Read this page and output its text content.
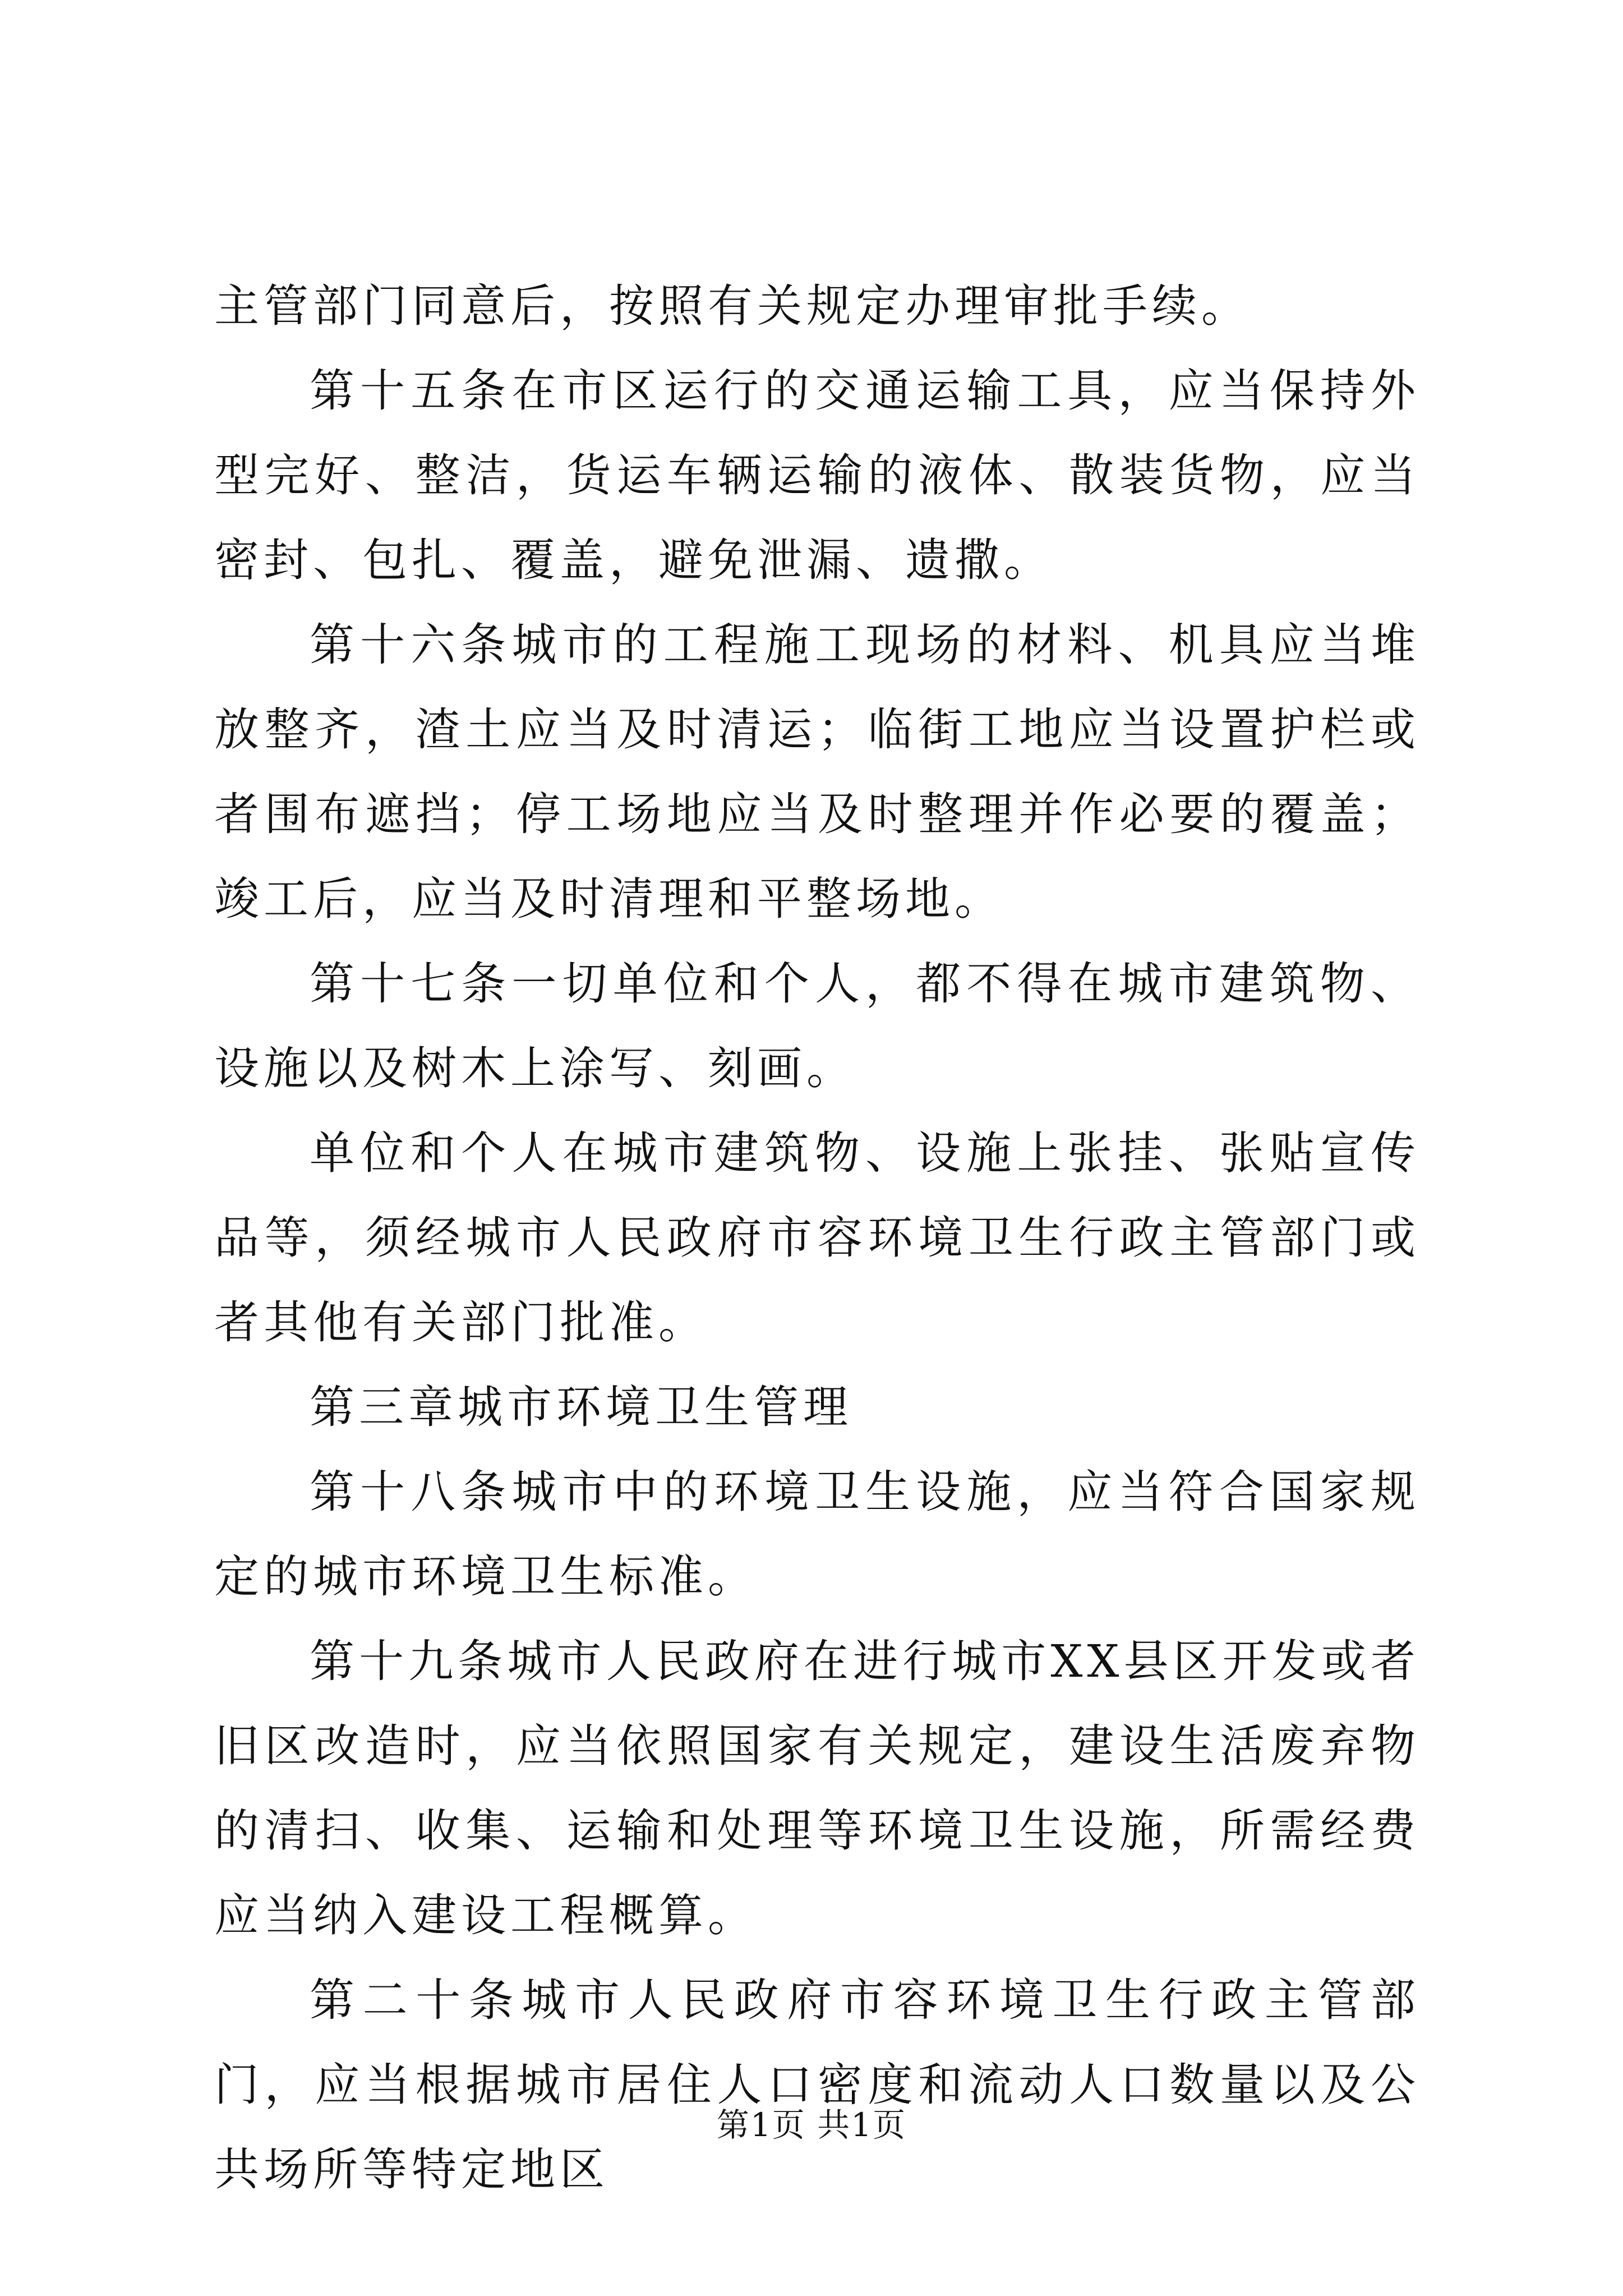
主管部门同意后，按照有关规定办理审批手续。

第十五条在市区运行的交通运输工具，应当保持外型完好、整洁，货运车辆运输的液体、散装货物，应当密封、包扎、覆盖，避免泄漏、遗撒。

第十六条城市的工程施工现场的材料、机具应当堆放整齐，渣土应当及时清运；临街工地应当设置护栏或者围布遮挡；停工场地应当及时整理并作必要的覆盖；竣工后，应当及时清理和平整场地。

第十七条一切单位和个人，都不得在城市建筑物、设施以及树木上涂写、刻画。

单位和个人在城市建筑物、设施上张挂、张贴宣传品等，须经城市人民政府市容环境卫生行政主管部门或者其他有关部门批准。

第三章城市环境卫生管理

第十八条城市中的环境卫生设施，应当符合国家规定的城市环境卫生标准。

第十九条城市人民政府在进行城市XX县区开发或者旧区改造时，应当依照国家有关规定，建设生活废弃物的清扫、收集、运输和处理等环境卫生设施，所需经费应当纳入建设工程概算。

第二十条城市人民政府市容环境卫生行政主管部门，应当根据城市居住人口密度和流动人口数量以及公共场所等特定地区

第1页 共1页
